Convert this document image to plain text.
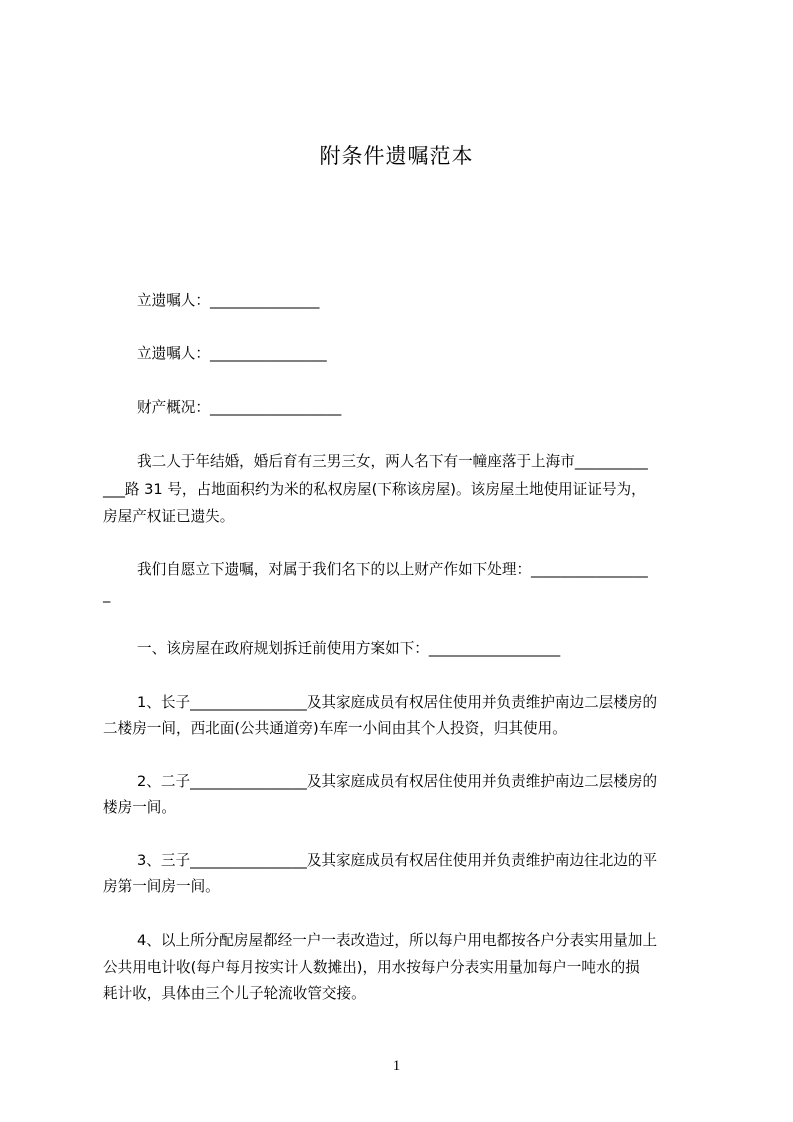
附条件遗嘱范本
立遗嘱人：_______________
立遗嘱人：________________
财产概况：__________________
我二人于年结婚，婚后育有三男三女，两人名下有一幢座落于上海市__________
___路 31 号，占地面积约为米的私权房屋(下称该房屋)。该房屋土地使用证证号为，
房屋产权证已遗失。
我们自愿立下遗嘱，对属于我们名下的以上财产作如下处理：________________
_
一、该房屋在政府规划拆迁前使用方案如下：__________________
1、长子________________及其家庭成员有权居住使用并负责维护南边二层楼房的
二楼房一间，西北面(公共通道旁)车库一小间由其个人投资，归其使用。
2、二子________________及其家庭成员有权居住使用并负责维护南边二层楼房的
楼房一间。
3、三子________________及其家庭成员有权居住使用并负责维护南边往北边的平
房第一间房一间。
4、以上所分配房屋都经一户一表改造过，所以每户用电都按各户分表实用量加上
公共用电计收(每户每月按实计人数摊出)，用水按每户分表实用量加每户一吨水的损
耗计收，具体由三个儿子轮流收管交接。
1
